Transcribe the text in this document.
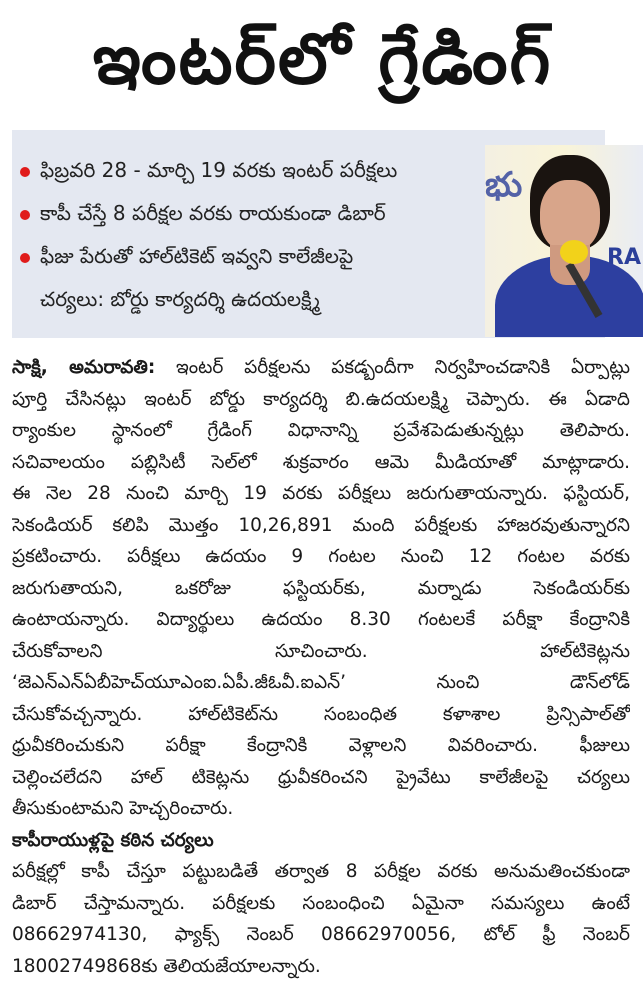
ఇంటర్‌లో గ్రేడింగ్
ఫిబ్రవరి 28 - మార్చి 19 వరకు ఇంటర్ పరీక్షలు
కాపీ చేస్తే 8 పరీక్షల వరకు రాయకుండా డిబార్
ఫీజు పేరుతో హాల్‌టికెట్ ఇవ్వని కాలేజీలపై
చర్యలు: బోర్డు కార్యదర్శి ఉదయలక్ష్మి
భు
RA
సాక్షి, అమరావతి: ఇంటర్ పరీక్షలను పకడ్బందీగా నిర్వహించడానికి ఏర్పాట్లు
పూర్తి చేసినట్లు ఇంటర్ బోర్డు కార్యదర్శి బి.ఉదయలక్ష్మి చెప్పారు. ఈ ఏడాది
ర్యాంకుల స్థానంలో గ్రేడింగ్ విధానాన్ని ప్రవేశపెడుతున్నట్లు తెలిపారు.
సచివాలయం పబ్లిసిటీ సెల్‌లో శుక్రవారం ఆమె మీడియాతో మాట్లాడారు.
ఈ నెల 28 నుంచి మార్చి 19 వరకు పరీక్షలు జరుగుతాయన్నారు. ఫస్టియర్,
సెకండియర్ కలిపి మొత్తం 10,26,891 మంది పరీక్షలకు హాజరవుతున్నారని
ప్రకటించారు. పరీక్షలు ఉదయం 9 గంటల నుంచి 12 గంటల వరకు
జరుగుతాయని, ఒకరోజు ఫస్టియర్‌కు, మర్నాడు సెకండియర్‌కు
ఉంటాయన్నారు. విద్యార్థులు ఉదయం 8.30 గంటలకే పరీక్షా కేంద్రానికి
చేరుకోవాలని సూచించారు. హాల్‌టికెట్లను
‘జెఎన్‌ఎన్‌ఏబీహెచ్‌యూఎంఐ.ఏపీ.జీఓవీ.ఐఎన్’ నుంచి డౌన్‌లోడ్
చేసుకోవచ్చన్నారు. హాల్‌టికెట్‌ను సంబంధిత కళాశాల ప్రిన్సిపాల్‌తో
ధ్రువీకరించుకుని పరీక్షా కేంద్రానికి వెళ్లాలని వివరించారు. ఫీజులు
చెల్లించలేదని హాల్ టికెట్లను ధ్రువీకరించని ప్రైవేటు కాలేజీలపై చర్యలు
తీసుకుంటామని హెచ్చరించారు.
కాపీరాయుళ్లపై కఠిన చర్యలు
పరీక్షల్లో కాపీ చేస్తూ పట్టుబడితే తర్వాత 8 పరీక్షల వరకు అనుమతించకుండా
డిబార్ చేస్తామన్నారు. పరీక్షలకు సంబంధించి ఏమైనా సమస్యలు ఉంటే
08662974130, ఫ్యాక్స్ నెంబర్ 08662970056, టోల్ ఫ్రీ నెంబర్
18002749868కు తెలియజేయాలన్నారు.
